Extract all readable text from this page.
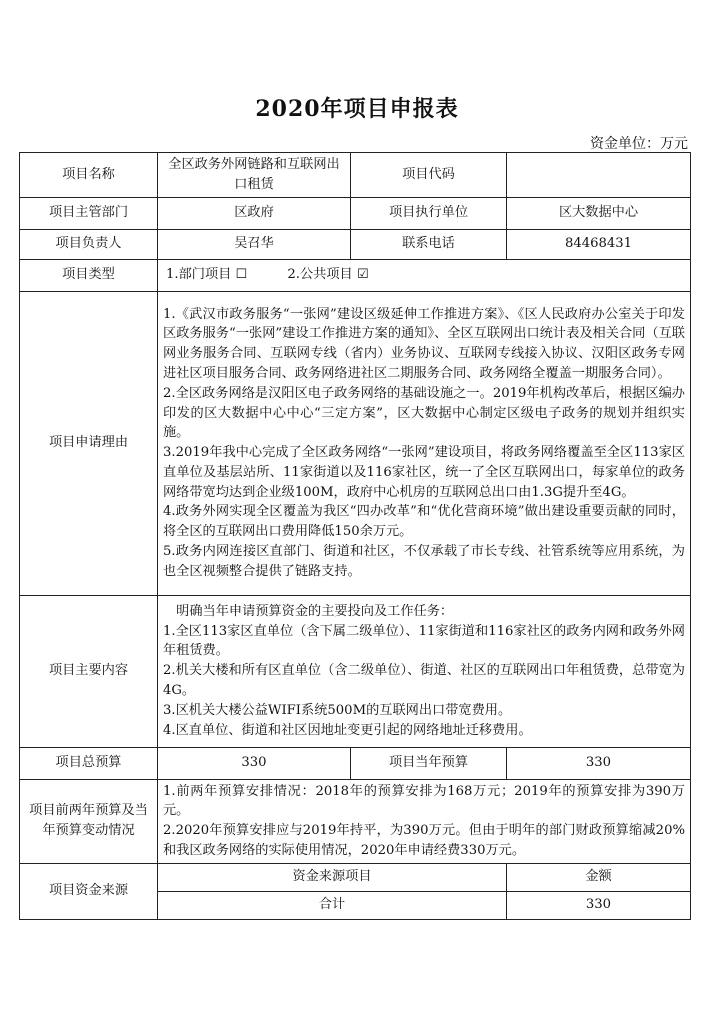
2020年项目申报表
资金单位：万元
项目名称	全区政务外网链路和互联网出口租赁	项目代码	
项目主管部门	区政府	项目执行单位	区大数据中心
项目负责人	吴召华	联系电话	84468431
项目类型	1.部门项目 ☐ 2.公共项目 ☑		
项目申请理由	1.《武汉市政务服务“一张网”建设区级延伸工作推进方案》、《区人民政府办公室关于印发区政务服务“一张网”建设工作推进方案的通知》、全区互联网出口统计表及相关合同（互联网业务服务合同、互联网专线（省内）业务协议、互联网专线接入协议、汉阳区政务专网进社区项目服务合同、政务网络进社区二期服务合同、政务网络全覆盖一期服务合同）。

2.全区政务网络是汉阳区电子政务网络的基础设施之一。2019年机构改革后，根据区编办印发的区大数据中心中心“三定方案”，区大数据中心制定区级电子政务的规划并组织实施。

3.2019年我中心完成了全区政务网络“一张网”建设项目，将政务网络覆盖至全区113家区直单位及基层站所、11家街道以及116家社区，统一了全区互联网出口，每家单位的政务网络带宽均达到企业级100M，政府中心机房的互联网总出口由1.3G提升至4G。

4.政务外网实现全区覆盖为我区“四办改革”和“优化营商环境”做出建设重要贡献的同时，将全区的互联网出口费用降低150余万元。

5.政务内网连接区直部门、街道和社区，不仅承载了市长专线、社管系统等应用系统，为也全区视频整合提供了链路支持。		

项目主要内容	　明确当年申请预算资金的主要投向及工作任务：

1.全区113家区直单位（含下属二级单位）、11家街道和116家社区的政务内网和政务外网年租赁费。

2.机关大楼和所有区直单位（含二级单位）、街道、社区的互联网出口年租赁费，总带宽为4G。

3.区机关大楼公益WIFI系统500M的互联网出口带宽费用。

4.区直单位、街道和社区因地址变更引起的网络地址迁移费用。		

项目总预算	330	项目当年预算	330
项目前两年预算及当年预算变动情况	1.前两年预算安排情况：2018年的预算安排为168万元；2019年的预算安排为390万元。

2.2020年预算安排应与2019年持平，为390万元。但由于明年的部门财政预算缩减20%和我区政务网络的实际使用情况，2020年申请经费330万元。		

项目资金来源	资金来源项目		金额
	合计		330
